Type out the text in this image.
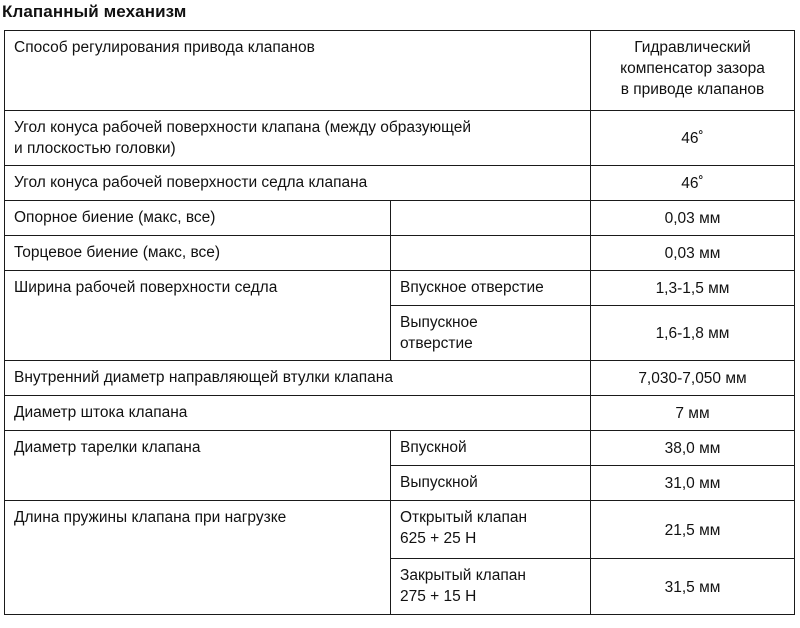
Клапанный механизм
Способ регулирования привода клапанов		Гидравлический
компенсатор зазора
в приводе клапанов

Угол конуса рабочей поверхности клапана (между образующей
и плоскостью головки)		46˚
Угол конуса рабочей поверхности седла клапана		46˚
Опорное биение (макс, все)		0,03 мм
Торцевое биение (макс, все)		0,03 мм
Ширина рабочей поверхности седла	Впускное отверстие	1,3-1,5 мм

	Выпускное
отверстие	1,6-1,8 мм
Внутренний диаметр направляющей втулки клапана		7,030-7,050 мм
Диаметр штока клапана		7 мм
Диаметр тарелки клапана	Впускной	38,0 мм
	Выпускной	31,0 мм
Длина пружины клапана при нагрузке	Открытый клапан
625 + 25 Н	21,5 мм

	Закрытый клапан
275 + 15 Н	31,5 мм
